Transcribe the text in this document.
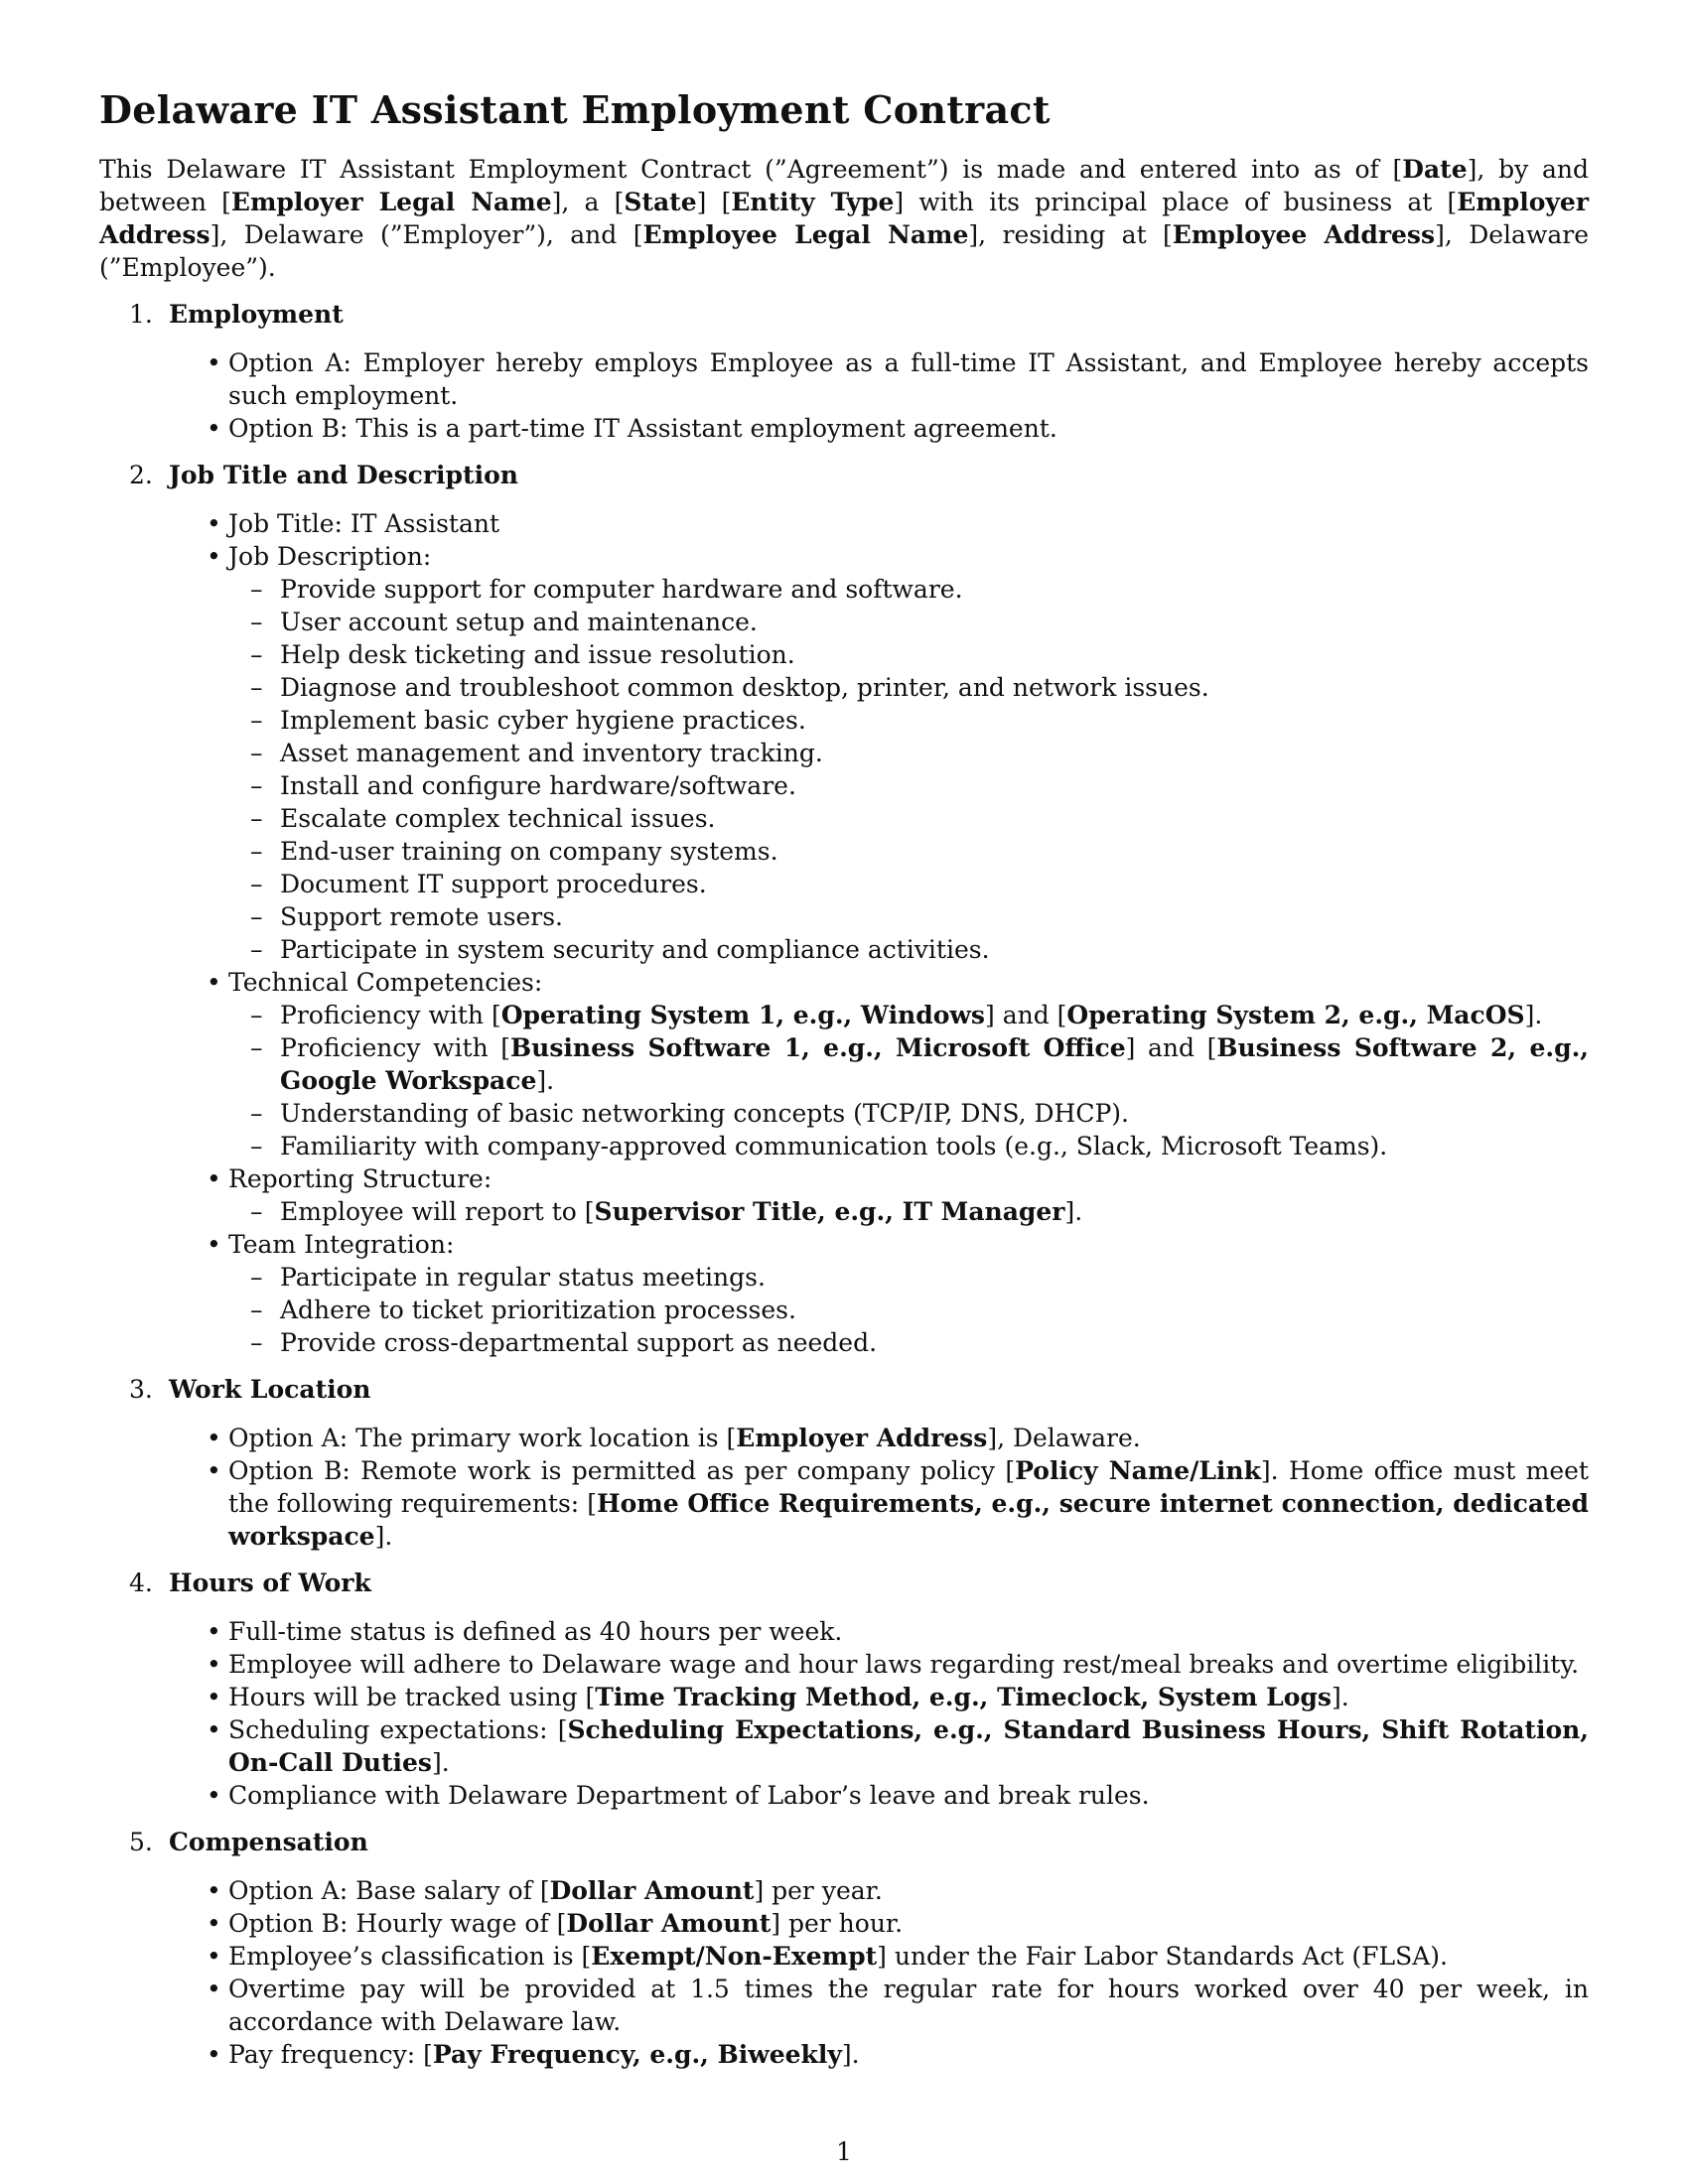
Delaware IT Assistant Employment Contract

This Delaware IT Assistant Employment Contract (”Agreement”) is made and entered into as of [Date], by and between [Employer Legal Name], a [State] [Entity Type] with its principal place of business at [Employer Address], Delaware (”Employer”), and [Employee Legal Name], residing at [Employee Address], Delaware (”Employee”).

1. Employment
• Option A: Employer hereby employs Employee as a full-time IT Assistant, and Employee hereby accepts such employment.
• Option B: This is a part-time IT Assistant employment agreement.
2. Job Title and Description
• Job Title: IT Assistant
• Job Description:
– Provide support for computer hardware and software.
– User account setup and maintenance.
– Help desk ticketing and issue resolution.
– Diagnose and troubleshoot common desktop, printer, and network issues.
– Implement basic cyber hygiene practices.
– Asset management and inventory tracking.
– Install and configure hardware/software.
– Escalate complex technical issues.
– End-user training on company systems.
– Document IT support procedures.
– Support remote users.
– Participate in system security and compliance activities.
• Technical Competencies:
– Proficiency with [Operating System 1, e.g., Windows] and [Operating System 2, e.g., MacOS].
– Proficiency with [Business Software 1, e.g., Microsoft Office] and [Business Software 2, e.g., Google Workspace].
– Understanding of basic networking concepts (TCP/IP, DNS, DHCP).
– Familiarity with company-approved communication tools (e.g., Slack, Microsoft Teams).
• Reporting Structure:
– Employee will report to [Supervisor Title, e.g., IT Manager].
• Team Integration:
– Participate in regular status meetings.
– Adhere to ticket prioritization processes.
– Provide cross-departmental support as needed.
3. Work Location
• Option A: The primary work location is [Employer Address], Delaware.
• Option B: Remote work is permitted as per company policy [Policy Name/Link]. Home office must meet the following requirements: [Home Office Requirements, e.g., secure internet connection, dedicated workspace].
4. Hours of Work
• Full-time status is defined as 40 hours per week.
• Employee will adhere to Delaware wage and hour laws regarding rest/meal breaks and overtime eligibility.
• Hours will be tracked using [Time Tracking Method, e.g., Timeclock, System Logs].
• Scheduling expectations: [Scheduling Expectations, e.g., Standard Business Hours, Shift Rotation, On-Call Duties].
• Compliance with Delaware Department of Labor’s leave and break rules.
5. Compensation
• Option A: Base salary of [Dollar Amount] per year.
• Option B: Hourly wage of [Dollar Amount] per hour.
• Employee’s classification is [Exempt/Non-Exempt] under the Fair Labor Standards Act (FLSA).
• Overtime pay will be provided at 1.5 times the regular rate for hours worked over 40 per week, in accordance with Delaware law.
• Pay frequency: [Pay Frequency, e.g., Biweekly].
1
